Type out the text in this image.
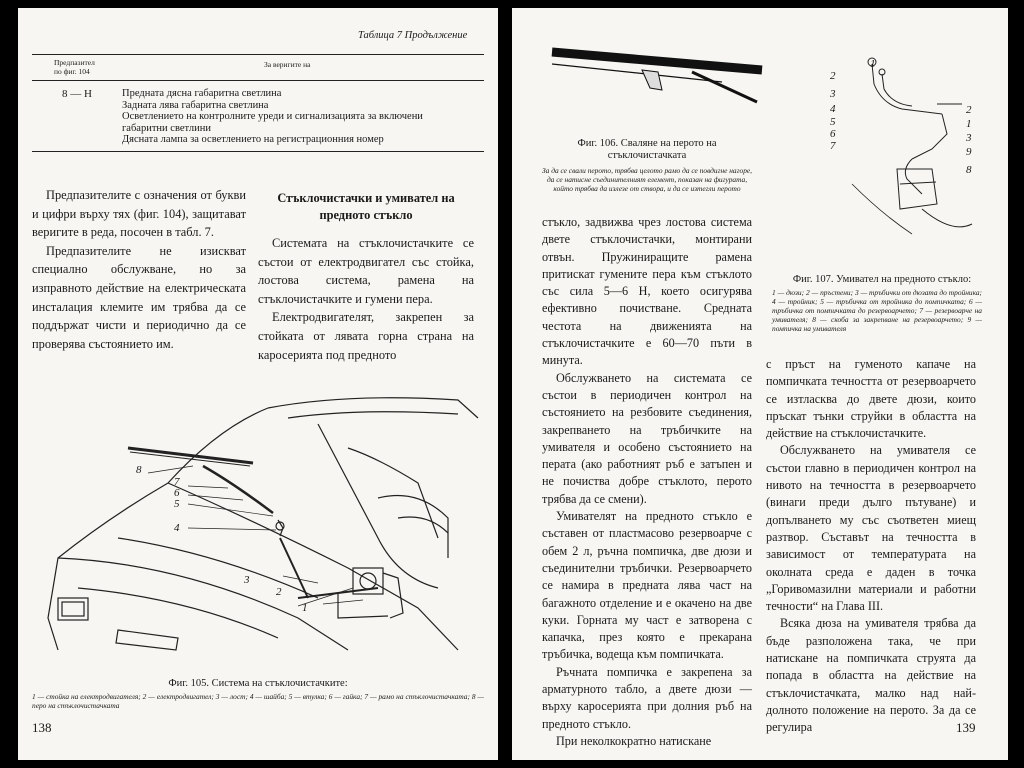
Таблица 7 Продължение
Предпазител
по фиг. 104
За веригите на
8 — Н	Предната дясна габаритна светлина
Задната лява габаритна светлина
Осветлението на контролните уреди и сигнализацията за включени
габаритни светлини
Дясната лампа за осветлението на регистрационния номер

Предпазителите с означения от букви и цифри върху тях (фиг. 104), защитават веригите в реда, посочен в табл. 7.

Предпазителите не изискват специално обслужване, но за изправното действие на електрическата инсталация клемите им трябва да се поддържат чисти и периодично да се проверява състоянието им.

Стъклочистачки и умивател на предното стъкло

Системата на стъклочистачките се състои от електродвигател със стойка, лостова система, рамена на стъклочистачките и гумени пера.

Електродвигателят, закрепен за стойката от лявата горна страна на каросерията под предното

8
7
6
5
4
3
2
1
Фиг. 105. Система на стъклочистачките:
1 — стойка на електродвигателя; 2 — електродвигател; 3 — лост; 4 — шайба; 5 — втулка; 6 — гайка; 7 — рамо на стъклочистачката; 8 — перо на стъклочистачката
138
Фиг. 106. Сваляне на перото на стъклочистачката
За да се свали перото, трябва целото рамо да се повдигне нагоре, да се натисне съединителният елемент, показан на фигурата, който трябва да излезе от створа, и да се изтегли перото
1
2
3
4
5
6
7
2
1
3
9
8
Фиг. 107. Умивател на предното стъкло:
1 — дюзи; 2 — пръстени; 3 — тръбички от дюзата до тройника; 4 — тройник; 5 — тръбичка от тройника до помпичката; 6 — тръбичка от помпичката до резервоарчето; 7 — резервоарче на умивателя; 8 — скоба за закрепване на резервоарчето; 9 — помпичка на умивателя

стъкло, задвижва чрез лостова система двете стъклочистачки, монтирани отвън. Пружиниращите рамена притискат гумените пера към стъклото със сила 5—6 Н, което осигурява ефективно почистване. Средната честота на движенията на стъклочистачките е 60—70 пъти в минута.

Обслужването на системата се състои в периодичен контрол на състоянието на резбовите съединения, закрепването на тръбичките на умивателя и особено състоянието на перата (ако работният ръб е затъпен и не почиства добре стъклото, перото трябва да се смени).

Умивателят на предното стъкло е съставен от пластмасово резервоарче с обем 2 л, ръчна помпичка, две дюзи и съединителни тръбички. Резервоарчето се намира в предната лява част на багажното отделение и е окачено на две куки. Горната му част е затворена с капачка, през която е прекарана тръбичка, водеща към помпичката.

Ръчната помпичка е закрепена за арматурното табло, а двете дюзи — върху каросерията при долния ръб на предното стъкло.

При неколкократно натискане

с пръст на гуменото капачe на помпичката течността от резервоарчето се изтласква до двете дюзи, които пръскат тънки струйки в областта на действие на стъклочистачките.

Обслужването на умивателя се състои главно в периодичен контрол на нивото на течността в резервоарчето (винаги преди дълго пътуване) и допълването му със съответен миещ разтвор. Съставът на течността в зависимост от температурата на околната среда е даден в точка „Горивомазилни материали и работни течности“ на Глава III.

Всяка дюза на умивателя трябва да бъде разположена така, че при натискане на помпичката струята да попада в областта на действие на стъклочистачката, малко над най-долното положение на перото. За да се регулира	139
